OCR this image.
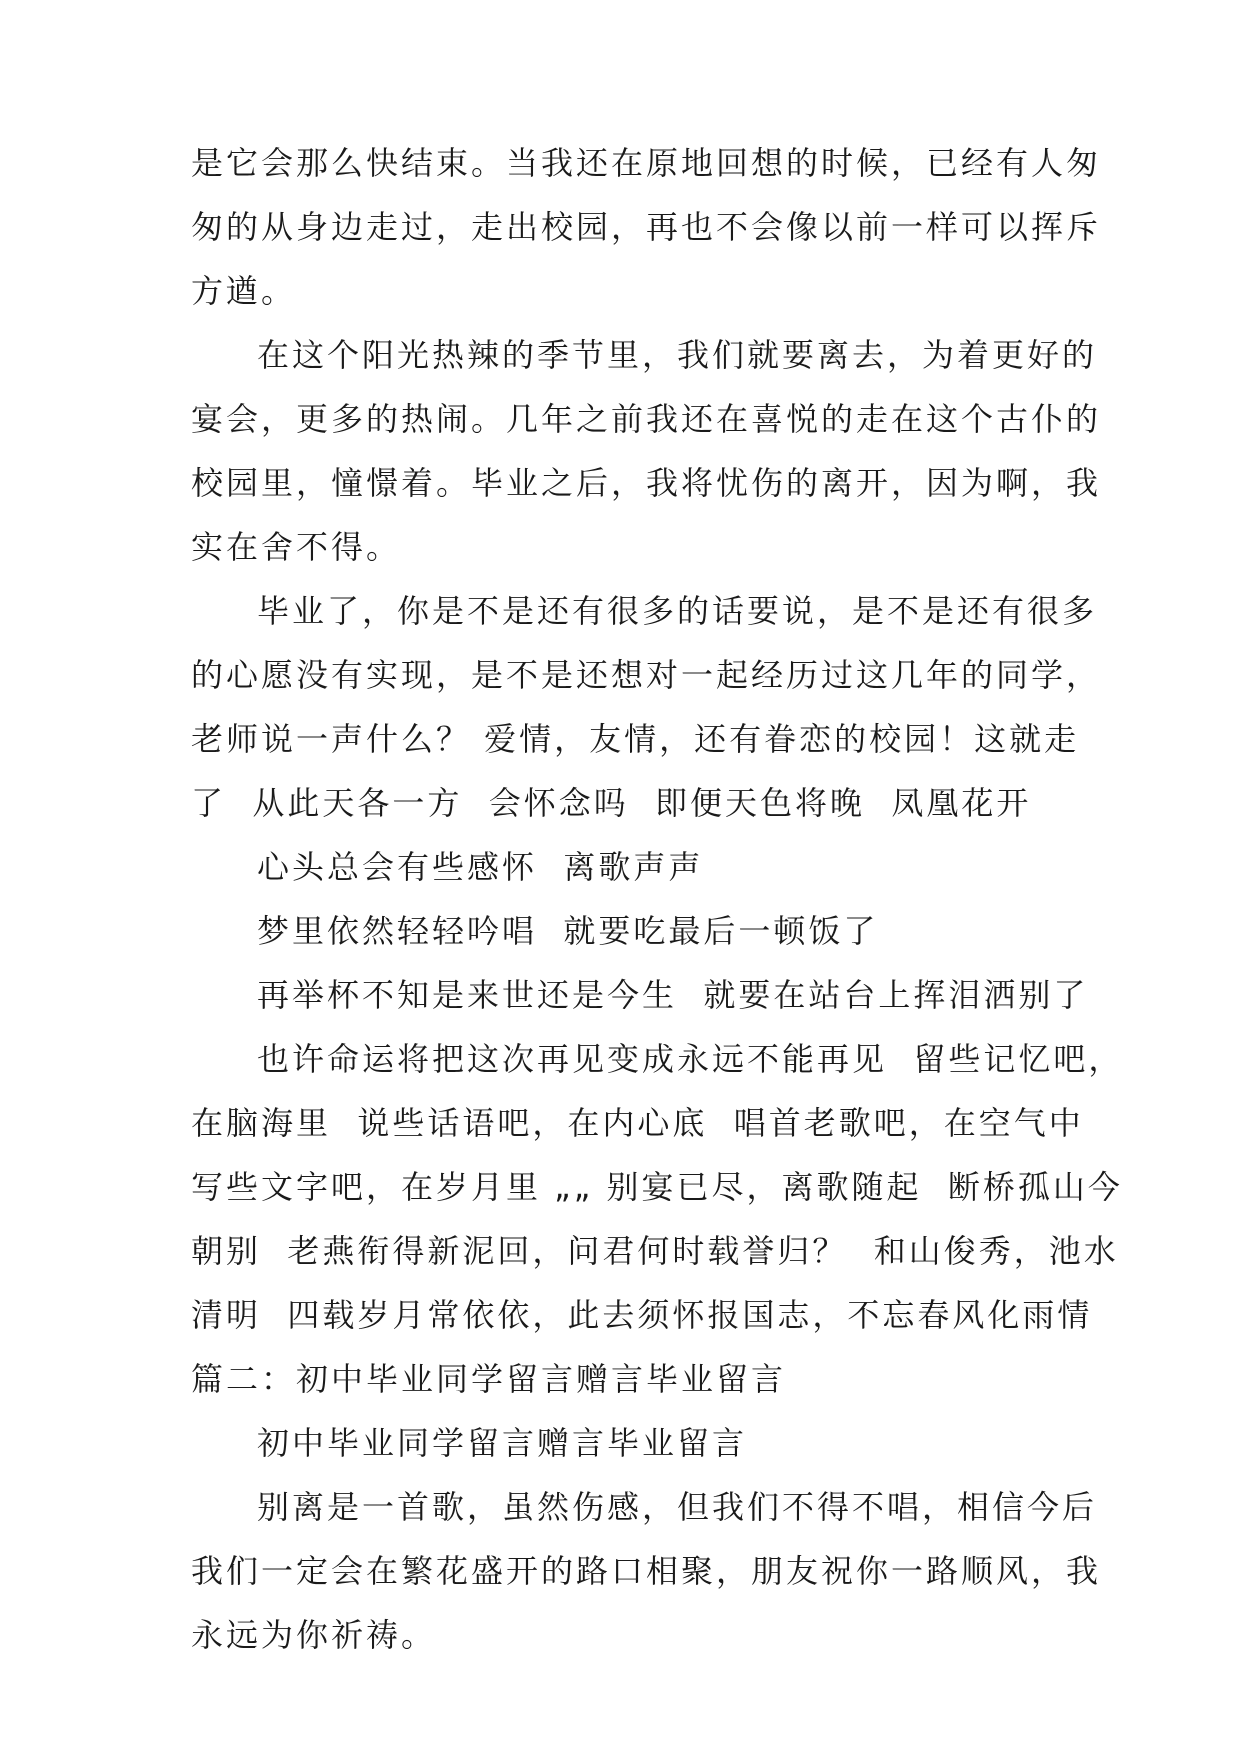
是它会那么快结束。当我还在原地回想的时候，已经有人匆
匆的从身边走过，走出校园，再也不会像以前一样可以挥斥
方遒。
在这个阳光热辣的季节里，我们就要离去，为着更好的
宴会，更多的热闹。几年之前我还在喜悦的走在这个古仆的
校园里，憧憬着。毕业之后，我将忧伤的离开，因为啊，我
实在舍不得。
毕业了，你是不是还有很多的话要说，是不是还有很多
的心愿没有实现，是不是还想对一起经历过这几年的同学，
老师说一声什么？ 爱情，友情，还有眷恋的校园！这就走
了  从此天各一方  会怀念吗  即便天色将晚  凤凰花开
心头总会有些感怀  离歌声声
梦里依然轻轻吟唱  就要吃最后一顿饭了
再举杯不知是来世还是今生  就要在站台上挥泪洒别了
也许命运将把这次再见变成永远不能再见  留些记忆吧，
在脑海里  说些话语吧，在内心底  唱首老歌吧，在空气中
写些文字吧，在岁月里 „„ 别宴已尽，离歌随起  断桥孤山今
朝别  老燕衔得新泥回，问君何时载誉归？  和山俊秀，池水
清明  四载岁月常依依，此去须怀报国志，不忘春风化雨情
篇二：初中毕业同学留言赠言毕业留言
初中毕业同学留言赠言毕业留言
别离是一首歌，虽然伤感，但我们不得不唱，相信今后
我们一定会在繁花盛开的路口相聚，朋友祝你一路顺风，我
永远为你祈祷。
